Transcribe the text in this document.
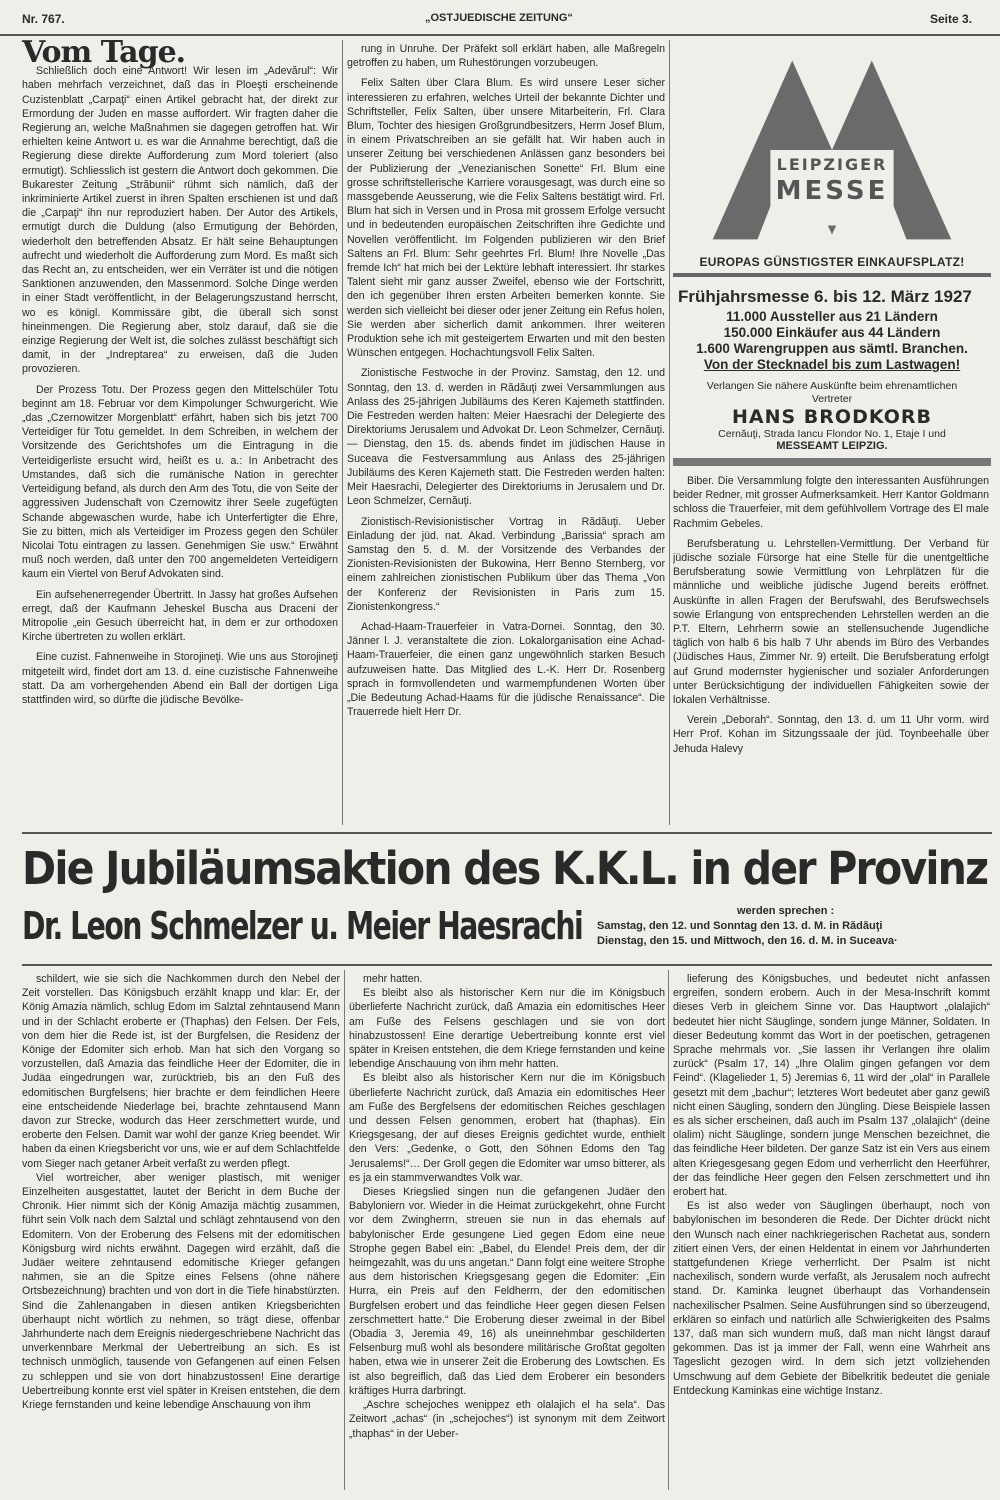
Nr. 767.	„OSTJUEDISCHE ZEITUNG“	Seite 3.
Vom Tage.

Schließlich doch eine Antwort! Wir lesen im „Adevărul“: Wir haben mehrfach verzeichnet, daß das in Ploeşti erscheinende Cuzistenblatt „Carpaţi“ einen Artikel gebracht hat, der direkt zur Ermordung der Juden en masse auffordert. Wir fragten daher die Regierung an, welche Maßnahmen sie dagegen getroffen hat. Wir erhielten keine Antwort u. es war die Annahme berechtigt, daß die Regierung diese direkte Aufforderung zum Mord toleriert (also ermutigt). Schliesslich ist gestern die Antwort doch gekommen. Die Bukarester Zeitung „Străbunii“ rühmt sich nämlich, daß der inkriminierte Artikel zuerst in ihren Spalten erschienen ist und daß die „Carpaţi“ ihn nur reproduziert haben. Der Autor des Artikels, ermutigt durch die Duldung (also Ermutigung der Behörden, wiederholt den betreffenden Absatz. Er hält seine Behauptungen aufrecht und wiederholt die Aufforderung zum Mord. Es maßt sich das Recht an, zu entscheiden, wer ein Verräter ist und die nötigen Sanktionen anzuwenden, den Massenmord. Solche Dinge werden in einer Stadt veröffentlicht, in der Belagerungszustand herrscht, wo es königl. Kommissäre gibt, die überall sich sonst hineinmengen. Die Regierung aber, stolz darauf, daß sie die einzige Regierung der Welt ist, die solches zulässt beschäftigt sich damit, in der „Indreptarea“ zu erweisen, daß die Juden provozieren.

Der Prozess Totu. Der Prozess gegen den Mittelschüler Totu beginnt am 18. Februar vor dem Kimpolunger Schwurgericht. Wie „das „Czernowitzer Morgenblatt“ erfährt, haben sich bis jetzt 700 Verteidiger für Totu gemeldet. In dem Schreiben, in welchem der Vorsitzende des Gerichtshofes um die Eintragung in die Verteidigerliste ersucht wird, heißt es u. a.: In Anbetracht des Umstandes, daß sich die rumänische Nation in gerechter Verteidigung befand, als durch den Arm des Totu, die von Seite der aggressiven Judenschaft von Czernowitz ihrer Seele zugefügten Schande abgewaschen wurde, habe ich Unterfertigter die Ehre, Sie zu bitten, mich als Verteidiger im Prozess gegen den Schüler Nicolai Totu eintragen zu lassen. Genehmigen Sie usw.“ Erwähnt muß noch werden, daß unter den 700 angemeldeten Verteidigern kaum ein Viertel von Beruf Advokaten sind.

Ein aufsehenerregender Übertritt. In Jassy hat großes Aufsehen erregt, daß der Kaufmann Jeheskel Buscha aus Draceni der Mitropolie „ein Gesuch überreicht hat, in dem er zur orthodoxen Kirche übertreten zu wollen erklärt.

Eine cuzist. Fahnenweihe in Storojineţi. Wie uns aus Storojineţi mitgeteilt wird, findet dort am 13. d. eine cuzistische Fahnenweihe statt. Da am vorhergehenden Abend ein Ball der dortigen Liga stattfinden wird, so dürfte die jüdische Bevölke-

rung in Unruhe. Der Präfekt soll erklärt haben, alle Maßregeln getroffen zu haben, um Ruhestörungen vorzubeugen.

Felix Salten über Clara Blum. Es wird unsere Leser sicher interessieren zu erfahren, welches Urteil der bekannte Dichter und Schriftsteller, Felix Salten, über unsere Mitarbeiterin, Frl. Clara Blum, Tochter des hiesigen Großgrundbesitzers, Herrn Josef Blum, in einem Privatschreiben an sie gefällt hat. Wir haben auch in unserer Zeitung bei verschiedenen Anlässen ganz besonders bei der Publizierung der „Venezianischen Sonette“ Frl. Blum eine grosse schriftstellerische Karriere vorausgesagt, was durch eine so massgebende Aeusserung, wie die Felix Saltens bestätigt wird. Frl. Blum hat sich in Versen und in Prosa mit grossem Erfolge versucht und in bedeutenden europäischen Zeitschriften ihre Gedichte und Novellen veröffentlicht. Im Folgenden publizieren wir den Brief Saltens an Frl. Blum: Sehr geehrtes Frl. Blum! Ihre Novelle „Das fremde Ich“ hat mich bei der Lektüre lebhaft interessiert. Ihr starkes Talent sieht mir ganz ausser Zweifel, ebenso wie der Fortschritt, den ich gegenüber Ihren ersten Arbeiten bemerken konnte. Sie werden sich vielleicht bei dieser oder jener Zeitung ein Refus holen, Sie werden aber sicherlich damit ankommen. Ihrer weiteren Produktion sehe ich mit gesteigertem Erwarten und mit den besten Wünschen entgegen. Hochachtungsvoll Felix Salten.

Zionistische Festwoche in der Provinz. Samstag, den 12. und Sonntag, den 13. d. werden in Rădăuţi zwei Versammlungen aus Anlass des 25-jährigen Jubiläums des Keren Kajemeth stattfinden. Die Festreden werden halten: Meier Haesrachi der Delegierte des Direktoriums Jerusalem und Advokat Dr. Leon Schmelzer, Cernăuţi.— Dienstag, den 15. ds. abends findet im jüdischen Hause in Suceava die Festversammlung aus Anlass des 25-jährigen Jubiläums des Keren Kajemeth statt. Die Festreden werden halten: Meir Haesrachi, Delegierter des Direktoriums in Jerusalem und Dr. Leon Schmelzer, Cernăuţi.

Zionistisch-Revisionistischer Vortrag in Rădăuţi. Ueber Einladung der jüd. nat. Akad. Verbindung „Barissia“ sprach am Samstag den 5. d. M. der Vorsitzende des Verbandes der Zionisten-Revisionisten der Bukowina, Herr Benno Sternberg, vor einem zahlreichen zionistischen Publikum über das Thema „Von der Konferenz der Revisionisten in Paris zum 15. Zionistenkongress.“

Achad-Haam-Trauerfeier in Vatra-Dornei. Sonntag, den 30. Jänner l. J. veranstaltete die zion. Lokalorganisation eine Achad-Haam-Trauerfeier, die einen ganz ungewöhnlich starken Besuch aufzuweisen hatte. Das Mitglied des L.-K. Herr Dr. Rosenberg sprach in formvollendeten und warmempfundenen Worten über „Die Bedeutung Achad-Haams für die jüdische Renaissance“. Die Trauerrede hielt Herr Dr.

LEIPZIGER
MESSE
EUROPAS GÜNSTIGSTER EINKAUFSPLATZ!
Frühjahrsmesse 6. bis 12. März 1927
11.000 Aussteller aus 21 Ländern
150.000 Einkäufer aus 44 Ländern
1.600 Warengruppen aus sämtl. Branchen.
Von der Stecknadel bis zum Lastwagen!
Verlangen Sie nähere Auskünfte beim ehrenamtlichen Vertreter
HANS BRODKORB
Cernăuţi, Strada Iancu Flondor No. 1, Etaje I und
MESSEAMT LEIPZIG.

Biber. Die Versammlung folgte den interessanten Ausführungen beider Redner, mit grosser Aufmerksamkeit. Herr Kantor Goldmann schloss die Trauerfeier, mit dem gefühlvollem Vortrage des El male Rachmim Gebeles.

Berufsberatung u. Lehrstellen-Vermittlung. Der Verband für jüdische soziale Fürsorge hat eine Stelle für die unentgeltliche Berufsberatung sowie Vermittlung von Lehrplätzen für die männliche und weibliche jüdische Jugend bereits eröffnet. Auskünfte in allen Fragen der Berufswahl, des Berufswechsels sowie Erlangung von entsprechenden Lehrstellen werden an die P.T. Eltern, Lehrherrn sowie an stellensuchende Jugendliche täglich von halb 6 bis halb 7 Uhr abends im Büro des Verbandes (Jüdisches Haus, Zimmer Nr. 9) erteilt. Die Berufsberatung erfolgt auf Grund modernster hygienischer und sozialer Anforderungen unter Berücksichtigung der individuellen Fähigkeiten sowie der lokalen Verhältnisse.

Verein „Deborah“. Sonntag, den 13. d. um 11 Uhr vorm. wird Herr Prof. Kohan im Sitzungssaale der jüd. Toynbeehalle über Jehuda Halevy

Die Jubiläumsaktion des K.K.L. in der Provinz
Dr. Leon Schmelzer u. Meier Haesrachi	werden sprechen :
Samstag, den 12. und Sonntag den 13. d. M. in Rădăuţi
Dienstag, den 15. und Mittwoch, den 16. d. M. in Suceava·

schildert, wie sie sich die Nachkommen durch den Nebel der Zeit vorstellen. Das Königsbuch erzählt knapp und klar: Er, der König Amazia nämlich, schlug Edom im Salztal zehntausend Mann und in der Schlacht eroberte er (Thaphas) den Felsen. Der Fels, von dem hier die Rede ist, ist der Burgfelsen, die Residenz der Könige der Edomiter sich erhob. Man hat sich den Vorgang so vorzustellen, daß Amazia das feindliche Heer der Edomiter, die in Judäa eingedrungen war, zurücktrieb, bis an den Fuß des edomitischen Burgfelsens; hier brachte er dem feindlichen Heere eine entscheidende Niederlage bei, brachte zehntausend Mann davon zur Strecke, wodurch das Heer zerschmettert wurde, und eroberte den Felsen. Damit war wohl der ganze Krieg beendet. Wir haben da einen Kriegsbericht vor uns, wie er auf dem Schlachtfelde vom Sieger nach getaner Arbeit verfaßt zu werden pflegt.

Viel wortreicher, aber weniger plastisch, mit weniger Einzelheiten ausgestattet, lautet der Bericht in dem Buche der Chronik. Hier nimmt sich der König Amazija mächtig zusammen, führt sein Volk nach dem Salztal und schlägt zehntausend von den Edomitern. Von der Eroberung des Felsens mit der edomitischen Königsburg wird nichts erwähnt. Dagegen wird erzählt, daß die Judäer weitere zehntausend edomitische Krieger gefangen nahmen, sie an die Spitze eines Felsens (ohne nähere Ortsbezeichnung) brachten und von dort in die Tiefe hinabstürzten. Sind die Zahlenangaben in diesen antiken Kriegsberichten überhaupt nicht wörtlich zu nehmen, so trägt diese, offenbar Jahrhunderte nach dem Ereignis niedergeschriebene Nachricht das unverkennbare Merkmal der Uebertreibung an sich. Es ist technisch unmöglich, tausende von Gefangenen auf einen Felsen zu schleppen und sie von dort hinabzustossen! Eine derartige Uebertreibung konnte erst viel später in Kreisen entstehen, die dem Kriege fernstanden und keine lebendige Anschauung von ihm

mehr hatten.

Es bleibt also als historischer Kern nur die im Königsbuch überlieferte Nachricht zurück, daß Amazia ein edomitisches Heer am Fuße des Felsens geschlagen und sie von dort hinabzustossen! Eine derartige Uebertreibung konnte erst viel später in Kreisen entstehen, die dem Kriege fernstanden und keine lebendige Anschauung von ihm mehr hatten.

Es bleibt also als historischer Kern nur die im Königsbuch überlieferte Nachricht zurück, daß Amazia ein edomitisches Heer am Fuße des Bergfelsens der edomitischen Reiches geschlagen und dessen Felsen genommen, erobert hat (thaphas). Ein Kriegsgesang, der auf dieses Ereignis gedichtet wurde, enthielt den Vers: „Gedenke, o Gott, den Söhnen Edoms den Tag Jerusalems!“… Der Groll gegen die Edomiter war umso bitterer, als es ja ein stammverwandtes Volk war.

Dieses Kriegslied singen nun die gefangenen Judäer den Babyloniern vor. Wieder in die Heimat zurückgekehrt, ohne Furcht vor dem Zwingherrn, streuen sie nun in das ehemals auf babylonischer Erde gesungene Lied gegen Edom eine neue Strophe gegen Babel ein: „Babel, du Elende! Preis dem, der dir heimgezahlt, was du uns angetan.“ Dann folgt eine weitere Strophe aus dem historischen Kriegsgesang gegen die Edomiter: „Ein Hurra, ein Preis auf den Feldherrn, der den edomitischen Burgfelsen erobert und das feindliche Heer gegen diesen Felsen zerschmettert hatte.“ Die Eroberung dieser zweimal in der Bibel (Obadia 3, Jeremia 49, 16) als uneinnehmbar geschilderten Felsenburg muß wohl als besondere militärische Großtat gegolten haben, etwa wie in unserer Zeit die Eroberung des Lowtschen. Es ist also begreiflich, daß das Lied dem Eroberer ein besonders kräftiges Hurra darbringt.

„Aschre schejoches wenippez eth olalajich el ha sela“. Das Zeitwort „achas“ (in „schejoches“) ist synonym mit dem Zeitwort „thaphas“ in der Ueber-

lieferung des Königsbuches, und bedeutet nicht anfassen ergreifen, sondern erobern. Auch in der Mesa-Inschrift kommt dieses Verb in gleichem Sinne vor. Das Hauptwort „olalajich“ bedeutet hier nicht Säuglinge, sondern junge Männer, Soldaten. In dieser Bedeutung kommt das Wort in der poetischen, getragenen Sprache mehrmals vor. „Sie lassen ihr Verlangen ihre olalim zurück“ (Psalm 17, 14) „Ihre Olalim gingen gefangen vor dem Feind“. (Klagelieder 1, 5) Jeremias 6, 11 wird der „olal“ in Parallele gesetzt mit dem „bachur“; letzteres Wort bedeutet aber ganz gewiß nicht einen Säugling, sondern den Jüngling. Diese Beispiele lassen es als sicher erscheinen, daß auch im Psalm 137 „olalajich“ (deine olalim) nicht Säuglinge, sondern junge Menschen bezeichnet, die das feindliche Heer bildeten. Der ganze Satz ist ein Vers aus einem alten Kriegesgesang gegen Edom und verherrlicht den Heerführer, der das feindliche Heer gegen den Felsen zerschmettert und ihn erobert hat.

Es ist also weder von Säuglingen überhaupt, noch von babylonischen im besonderen die Rede. Der Dichter drückt nicht den Wunsch nach einer nachkriegerischen Rachetat aus, sondern zitiert einen Vers, der einen Heldentat in einem vor Jahrhunderten stattgefundenen Kriege verherrlicht. Der Psalm ist nicht nachexilisch, sondern wurde verfaßt, als Jerusalem noch aufrecht stand. Dr. Kaminka leugnet überhaupt das Vorhandensein nachexilischer Psalmen. Seine Ausführungen sind so überzeugend, erklären so einfach und natürlich alle Schwierigkeiten des Psalms 137, daß man sich wundern muß, daß man nicht längst darauf gekommen. Das ist ja immer der Fall, wenn eine Wahrheit ans Tageslicht gezogen wird. In dem sich jetzt vollziehenden Umschwung auf dem Gebiete der Bibelkritik bedeutet die geniale Entdeckung Kaminkas eine wichtige Instanz.
